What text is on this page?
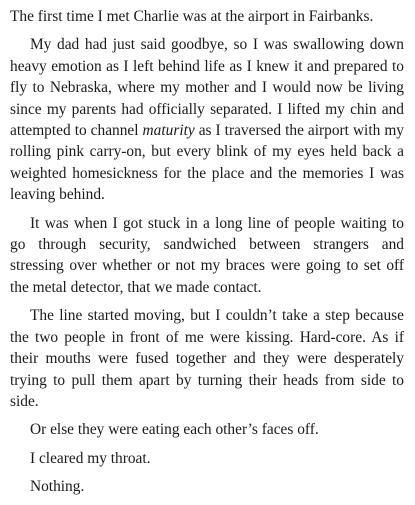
The first time I met Charlie was at the airport in Fairbanks.

My dad had just said goodbye, so I was swallowing down heavy emotion as I left behind life as I knew it and prepared to fly to Nebraska, where my mother and I would now be living since my parents had officially separated. I lifted my chin and attempted to channel maturity as I traversed the airport with my rolling pink carry-on, but every blink of my eyes held back a weighted homesickness for the place and the memories I was leaving behind.

It was when I got stuck in a long line of people waiting to go through security, sandwiched between strangers and stressing over whether or not my braces were going to set off the metal detector, that we made contact.

The line started moving, but I couldn’t take a step because the two people in front of me were kissing. Hard-core. As if their mouths were fused together and they were desperately trying to pull them apart by turning their heads from side to side.

Or else they were eating each other’s faces off.

I cleared my throat.

Nothing.
